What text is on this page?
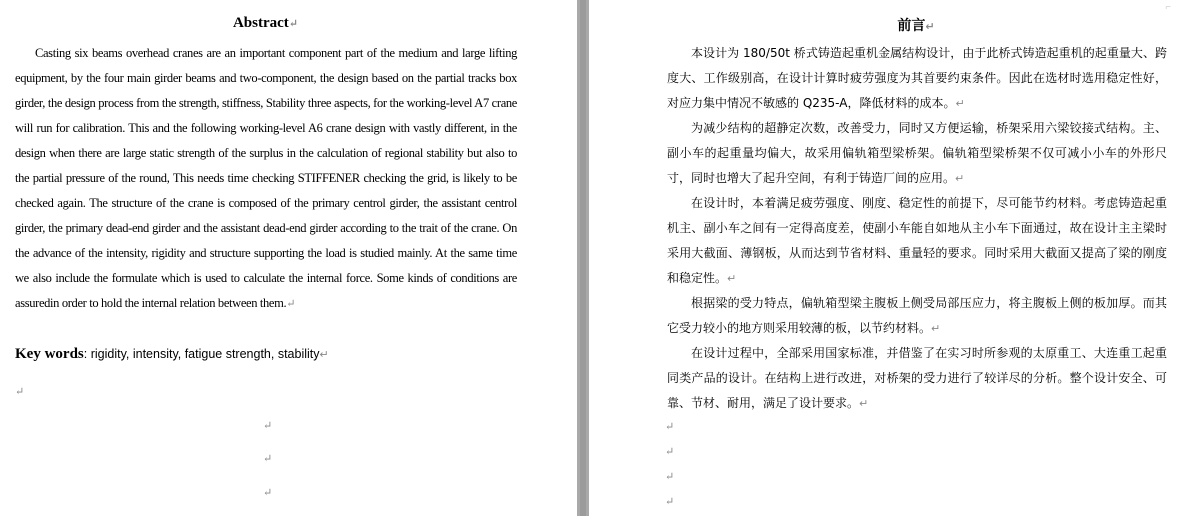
Abstract↵

Casting six beams overhead cranes are an important component part of the medium and large lifting equipment, by the four main girder beams and two-component, the design based on the partial tracks box girder, the design process from the strength, stiffness, Stability three aspects, for the working-level A7 crane will run for calibration. This and the following working-level A6 crane design with vastly different, in the design when there are large static strength of the surplus in the calculation of regional stability but also to the partial pressure of the round, This needs time checking STIFFENER checking the grid, is likely to be checked again. The structure of the crane is composed of the primary centrol girder, the assistant centrol girder, the primary dead-end girder and the assistant dead-end girder according to the trait of the crane. On the advance of the intensity, rigidity and structure supporting the load is studied mainly. At the same time we also include the formulate which is used to calculate the internal force. Some kinds of conditions are assuredin order to hold the internal relation between them.↵

Key words: rigidity, intensity, fatigue strength, stability↵
↵
↵
↵
↵
⌐
前言↵

本设计为 180/50t 桥式铸造起重机金属结构设计，由于此桥式铸造起重机的起重量大、跨度大、工作级别高，在设计计算时疲劳强度为其首要约束条件。因此在选材时选用稳定性好，对应力集中情况不敏感的 Q235-A，降低材料的成本。↵

为减少结构的超静定次数，改善受力，同时又方便运输，桥架采用六梁铰接式结构。主、副小车的起重量均偏大，故采用偏轨箱型梁桥架。偏轨箱型梁桥架不仅可减小小车的外形尺寸，同时也增大了起升空间，有利于铸造厂间的应用。↵

在设计时，本着满足疲劳强度、刚度、稳定性的前提下，尽可能节约材料。考虑铸造起重机主、副小车之间有一定得高度差，使副小车能自如地从主小车下面通过，故在设计主主梁时采用大截面、薄钢板，从而达到节省材料、重量轻的要求。同时采用大截面又提高了梁的刚度和稳定性。↵

根据梁的受力特点，偏轨箱型梁主腹板上侧受局部压应力，将主腹板上侧的板加厚。而其它受力较小的地方则采用较薄的板，以节约材料。↵

在设计过程中，全部采用国家标准，并借鉴了在实习时所参观的太原重工、大连重工起重同类产品的设计。在结构上进行改进，对桥架的受力进行了较详尽的分析。整个设计安全、可靠、节材、耐用，满足了设计要求。↵

↵
↵
↵
↵
